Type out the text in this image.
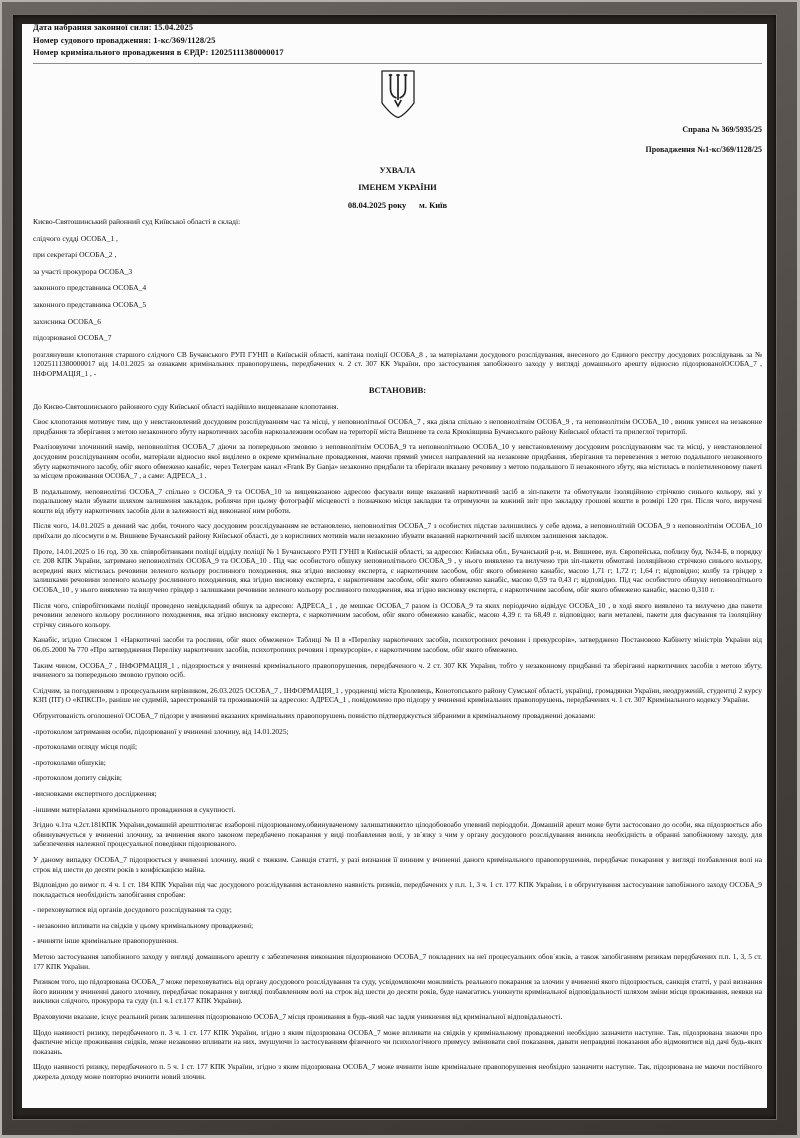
Дата набрання законної сили: 15.04.2025

Номер судового провадження: 1-кс/369/1128/25

Номер кримінального провадження в ЄРДР: 12025111380000017

Справа № 369/5935/25

Провадження №1-кс/369/1128/25

УХВАЛА

ІМЕНЕМ УКРАЇНИ

08.04.2025 року      м. Київ

Києво-Святошинський районний суд Київської області в складі:

слідчого судді ОСОБА_1 ,

при секретарі ОСОБА_2 ,

за участі прокурора ОСОБА_3

законного представника ОСОБА_4

законного представника ОСОБА_5

захисника ОСОБА_6

підозрюваної ОСОБА_7

розглянувши клопотання старшого слідчого СВ Бучанського РУП ГУНП в Київській області, капітана поліції ОСОБА_8 , за матеріалами досудового розслідування, внесеного до Єдиного реєстру досудових розслідувань за № 12025111380000017 від 14.01.2025 за ознаками кримінальних правопорушень, передбачених ч. 2 ст. 307 КК України, про застосування запобіжного заходу у вигляді домашнього арешту відносно підозрюваноїОСОБА_7 , ІНФОРМАЦІЯ_1 , -

ВСТАНОВИВ:

До Києво-Святошинського районного суду Київської області надійшло вищевказане клопотання.

Своє клопотання мотивує тим, що у невстановлений досудовим розслідуванням час та місці, у неповнолітньої ОСОБА_7 , яка діяла спільно з неповнолітнім ОСОБА_9 , та неповнолітнім ОСОБА_10 , виник умисел на незаконне придбання та зберігання з метою незаконного збуту наркотичних засобів наркозалежним особам на території міста Вишневе та села Крюківщина Бучанського району Київської області та прилеглої території.

Реалізовуючи злочинний намір, неповнолітня ОСОБА_7 діючи за попередньою змовою з неповнолітнім ОСОБА_9 та неповнолітньою ОСОБА_10 у невстановленому досудовим розслідуванням час та місці, у невстановленої досудовим розслідуванням особи, матеріали відносно якої виділено в окреме кримінальне провадження, маючи прямий умисел направлений на незаконне придбання, зберігання та перевезення з метою подальшого незаконного збуту наркотичного засобу, обіг якого обмежено канабіс, через Телеграм канал «Frank By Ganja» незаконно придбали та зберігали вказану речовину з метою подальшого її незаконного збуту, яка містилась в поліетиленовому пакеті за місцем проживання ОСОБА_7 , а саме: АДРЕСА_1 .

В подальшому, неповнолітні ОСОБА_7 спільно з ОСОБА_9 та ОСОБА_10 за вищевказаною адресою фасували вище вказаний наркотичний засіб в зіп-пакети та обмотували ізоляційною стрічкою синього кольору, які у подальшому мали збувати шляхом залишення закладок, роблячи при цьому фотографії місцевості з позначкою місця закладки та отримуючи за кожний звіт про закладку грошові кошти в розмірі 120 грн. Після чого, виручені кошти від збуту наркотичних засобів діли в залежності від виконаної ним роботи.

Після чого, 14.01.2025 в денний час доби, точного часу досудовим розслідуванням не встановлено, неповнолітня ОСОБА_7 з особистих підстав залишились у себе вдома, а неповнолітній ОСОБА_9 з неповнолітнім ОСОБА_10 приїхали до лісосмуги в м. Вишневе Бучанський району Київської області, де з корисливих мотивів мали незаконно збувати вказаний наркотичний засіб шляхом залишення закладок.

Проте, 14.01.2025 о 16 год. 30 хв. співробітниками поліції відділу поліції № 1 Бучанського РУП ГУНП в Київській області, за адресою: Київська обл., Бучанський р-н, м. Вишневе, вул. Європейська, поблизу буд. №34-Б, в порядку ст. 208 КПК України, затримано неповнолітніх ОСОБА_9 та ОСОБА_10 . Під час особистого обшуку неповнолітнього ОСОБА_9 , у нього виявлено та вилучено три зіп-пакети обмотані ізоляційною стрічкою синього кольору, всередині яких містилась речовини зеленого кольору рослинного походження, яка згідно висновку експерта, є наркотичним засобом, обіг якого обмежено канабіс, масою 1,71 г; 1,72 г; 1,64 г; відповідно; колбу та гріндер з залишками речовини зеленого кольору рослинного походження, яка згідно висновку експерта, є наркотичним засобом, обіг якого обмежено канабіс, масою 0,59 та 0,43 г; відповідно. Під час особистого обшуку неповнолітнього ОСОБА_10 , у нього виявлено та вилучено гріндер з залишками речовини зеленого кольору рослинного походження, яка згідно висновку експерта, є наркотичним засобом, обіг якого обмежено канабіс, масою 0,310 г.

Після чого, співробітниками поліції проведено невідкладний обшук за адресою: АДРЕСА_1 , де мешкає ОСОБА_7 разом із ОСОБА_9 та яких періодично відвідує ОСОБА_10 , в ході якого виявлено та вилучено два пакети речовини зеленого кольору рослинного походження, яка згідно висновку експерта, є наркотичним засобом, обіг якого обмежено канабіс, масою 4,39 г. та 68,49 г. відповідно; ваги металеві, пакети для фасування та ізоляційну стрічку синього кольору.

Канабіс, згідно Списком 1 «Наркотичні засоби та рослини, обіг яких обмежено» Таблиці № ІІ в «Переліку наркотичних засобів, психотропних речовин і прекурсорів», затверджено Постановою Кабінету міністрів України від 06.05.2000 № 770 «Про затвердження Переліку наркотичних засобів, психотропних речовин і прекурсорів», є наркотичним засобом, обіг якого обмежено.

Таким чином, ОСОБА_7 , ІНФОРМАЦІЯ_1 , підозрюється у вчиненні кримінального правопорушення, передбаченого ч. 2 ст. 307 КК України, тобто у незаконному придбанні та зберіганні наркотичних засобів з метою збуту, вчиненого за попередньою змовою групою осіб.

Слідчим, за погодженням з процесуальним керівником, 26.03.2025 ОСОБА_7 , ІНФОРМАЦІЯ_1 , уродженці міста Кролевець, Конотопського району Сумської області, українці, громадянки України, неодруженій, студентці 2 курсу КЗП (ПТ) О «КПКСП», раніше не судимій, зареєстрованій та проживаючій за адресою: АДРЕСА_1 , повідомлено про підозру у вчиненні кримінальних правопорушень, передбачених ч. 1 ст. 307 Кримінального кодексу України.

Обґрунтованість оголошеної ОСОБА_7 підозри у вчиненні вказаних кримінальних правопорушень повністю підтверджується зібраними в кримінальному провадженні доказами:

-протоколом затримання особи, підозрюваної у вчиненні злочину, від 14.01.2025;

-протоколами огляду місця події;

-протоколами обшуків;

-протоколом допиту свідків;

-висновками експертного дослідження;

-іншими матеріалами кримінального провадження в сукупності.

Згідно ч.1та ч.2ст.181КПК України,домашній арештполягає взабороні підозрюваному,обвинуваченому залишативжитло цілодобовоабо упевний періоддоби. Домашній арешт може бути застосовано до особи, яка підозрюється або обвинувачується у вчиненні злочину, за вчинення якого законом передбачено покарання у виді позбавлення волі, у зв`язку з чим у органу досудового розслідування виникла необхідність в обранні запобіжному заходу, для забезпечення належної процесуальної поведінки підозрюваного.

У даному випадку ОСОБА_7 підозрюється у вчиненні злочину, який є тяжким. Санкція статті, у разі визнання її винним у вчиненні даного кримінального правопорушення, передбачає покарання у вигляді позбавлення волі на строк від шести до десяти років з конфіскацією майна.

Відповідно до вимог п. 4 ч. 1 ст. 184 КПК України під час досудового розслідування встановлено наявність ризиків, передбачених у п.п. 1, 3 ч. 1 ст. 177 КПК України, і в обґрунтування застосування запобіжного заходу ОСОБА_9 покладається необхідність запобігання спробам:

- переховуватися від органів досудового розслідування та суду;

- незаконно впливати на свідків у цьому кримінальному провадженні;

- вчиняти інше кримінальне правопорушення.

Метою застосування запобіжного заходу у вигляді домашнього арешту є забезпечення виконання підозрюваною ОСОБА_7 покладених на неї процесуальних обов`язків, а також запобіганням ризикам передбачених п.п. 1, 3, 5 ст. 177 КПК України.

Ризиком того, що підозрювана ОСОБА_7 може переховуватись від органу досудового розслідування та суду, усвідомлюючи можливість реального покарання за злочин у вчиненні якого підозрюється, санкція статті, у разі визнання його винним у вчиненні даного злочину, передбачає покарання у вигляді позбавленням волі на строк від шести до десяти років, буде намагатись уникнути кримінальної відповідальності шляхом зміни місця проживання, неявки на виклики слідчого, прокурора та суду (п.1 ч.1 ст.177 КПК України).

Враховуючи вказане, існує реальний ризик залишення підозрюваною ОСОБА_7 місця проживання в будь-який час задля уникнення від кримінальної відповідальності.

Щодо наявності ризику, передбаченого п. 3 ч. 1 ст. 177 КПК України, згідно з яким підозрювана ОСОБА_7 може впливати на свідків у кримінальному провадженні необхідно зазначити наступне. Так, підозрювана знаючи про фактичне місце проживання свідків, може незаконно впливати на них, змушуючи із застосуванням фізичного чи психологічного примусу змінювати свої показання, давати неправдиві показання або відмовитися від дачі будь-яких показань.

Щодо наявності ризику, передбаченого п. 5 ч. 1 ст. 177 КПК України, згідно з яким підозрювана ОСОБА_7 може вчинити інше кримінальне правопорушення необхідно зазначити наступне. Так, підозрювана не маючи постійного джерела доходу може повторно вчинити новий злочин.
